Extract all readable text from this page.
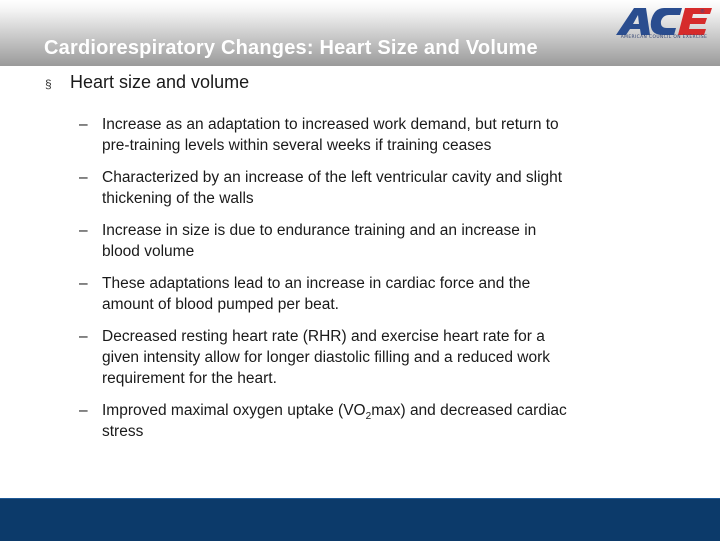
Cardiorespiratory Changes: Heart Size and Volume
®
AMERICAN COUNCIL ON EXERCISE
§	Heart size and volume
– Increase as an adaptation to increased work demand, but return to pre-training levels within several weeks if training ceases
– Characterized by an increase of the left ventricular cavity and slight thickening of the walls
– Increase in size is due to endurance training and an increase in blood volume
– These adaptations lead to an increase in cardiac force and the amount of blood pumped per beat.
– Decreased resting heart rate (RHR) and exercise heart rate for a given intensity allow for longer diastolic filling and a reduced work requirement for the heart.
– Improved maximal oxygen uptake $(VO_2\max)$ and decreased cardiac stress
